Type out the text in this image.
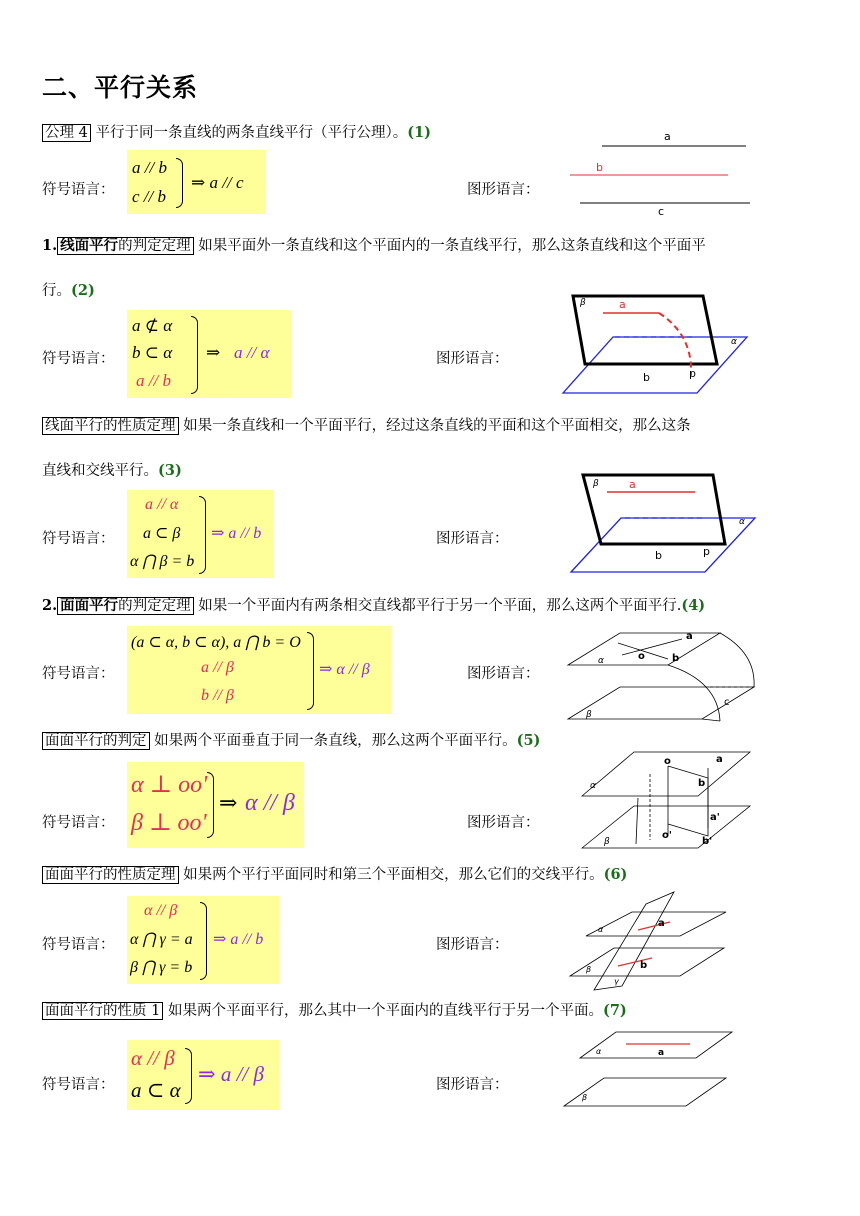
二、平行关系
公理 4 平行于同一条直线的两条直线平行（平行公理）。(1)
符号语言：
a // b
c // b
⇒ a // c	图形语言：
a
b
c
1. 线面平行的判定定理 如果平面外一条直线和这个平面内的一条直线平行，那么这条直线和这个平面平
行。(2)
符号语言：
a ⊄ α
b ⊂ α
a // b
⇒ a // α	图形语言：
β	a
b
α
p
线面平行的性质定理 如果一条直线和一个平面平行，经过这条直线的平面和这个平面相交，那么这条
直线和交线平行。(3)
符号语言：
a // α
a ⊂ β
α ⋂ β = b
⇒ a // b	图形语言：
β	a
b
α
p
2. 面面平行的判定定理 如果一个平面内有两条相交直线都平行于另一个平面，那么这两个平面平行.(4)
符号语言：
(a ⊂ α, b ⊂ α), a ⋂ b = O
a // β
b // β
⇒ α // β	图形语言：
a
o	b
α
β
c
面面平行的判定 如果两个平面垂直于同一条直线，那么这两个平面平行。(5)
符号语言：
α ⊥ oo'
β ⊥ oo'
⇒ α // β
图形语言：
a
o
b
α
a'
o'
b'
β
面面平行的性质定理 如果两个平行平面同时和第三个平面相交，那么它们的交线平行。(6)
符号语言：
α // β
α ⋂ γ = a
β ⋂ γ = b
⇒ a // b	图形语言：
α
a
β	b
γ
面面平行的性质 1 如果两个平面平行，那么其中一个平面内的直线平行于另一个平面。(7)
符号语言：
α // β
a ⊂ α
⇒ a // β	图形语言：
α	a
β
